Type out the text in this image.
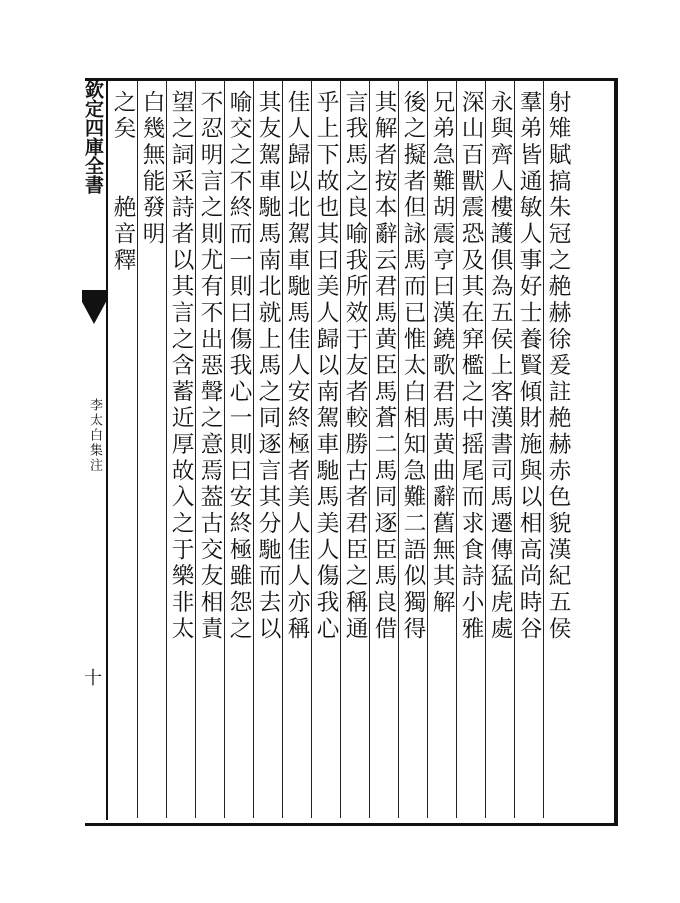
欽定四庫全書
李太白集注
十
射雉賦搞朱冠之赩赫徐爰註赩赫赤色貌漢紀五侯
羣弟皆通敏人事好士養賢傾財施與以相高尚時谷
永與齊人樓護俱為五侯上客漢書司馬遷傳猛虎處
深山百獸震恐及其在穽檻之中摇尾而求食詩小雅
兄弟急難胡震亨曰漢鐃歌君馬黄曲辭舊無其解
後之擬者但詠馬而已惟太白相知急難二語似獨得
其解者按本辭云君馬黄臣馬蒼二馬同逐臣馬良借
言我馬之良喻我所效于友者較勝古者君臣之稱通
乎上下故也其曰美人歸以南駕車馳馬美人傷我心
佳人歸以北駕車馳馬佳人安終極者美人佳人亦稱
其友駕車馳馬南北就上馬之同逐言其分馳而去以
喻交之不終而一則曰傷我心一則曰安終極雖怨之
不忍明言之則尤有不出惡聲之意焉葢古交友相責
望之詞采詩者以其言之含蓄近厚故入之于樂非太
白幾無能發明
之矣　　赩音釋
